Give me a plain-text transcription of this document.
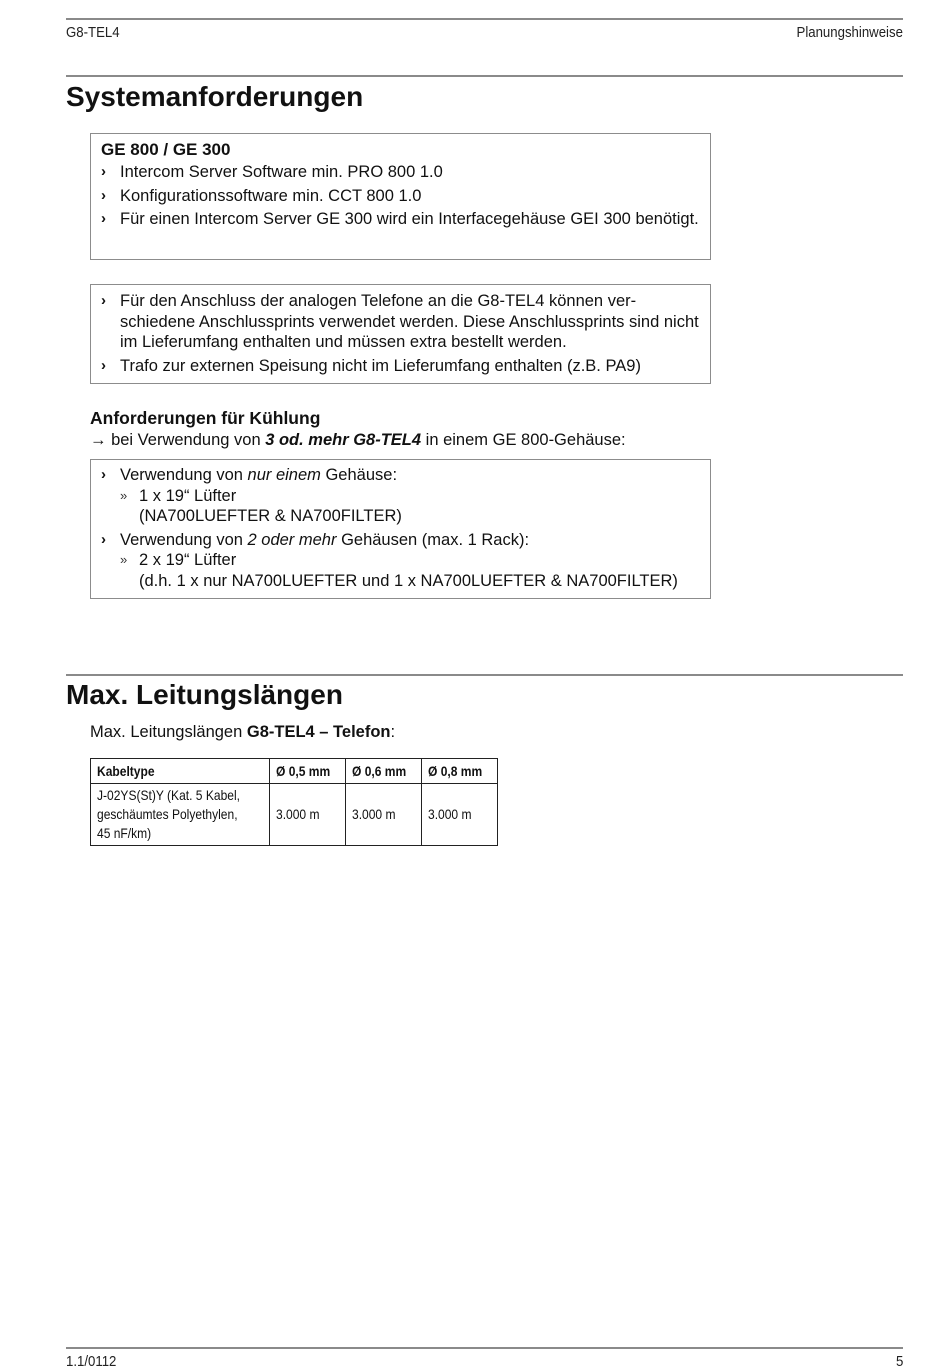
G8-TEL4	Planungshinweise
Systemanforderungen
GE 800 / GE 300
› Intercom Server Software min. PRO 800 1.0
› Konfigurationssoftware min. CCT 800 1.0
› Für einen Intercom Server GE 300 wird ein Interfacegehäuse GEI 300 benötigt.
› Für den Anschluss der analogen Telefone an die G8-TEL4 können ver-schiedene Anschlussprints verwendet werden. Diese Anschlussprints sind nicht im Lieferumfang enthalten und müssen extra bestellt werden.
› Trafo zur externen Speisung nicht im Lieferumfang enthalten (z.B. PA9)
Anforderungen für Kühlung
→ bei Verwendung von 3 od. mehr G8-TEL4 in einem GE 800-Gehäuse:
› Verwendung von nur einem Gehäuse:
» 1 x 19“ Lüfter
(NA700LUEFTER & NA700FILTER)
› Verwendung von 2 oder mehr Gehäusen (max. 1 Rack):
» 2 x 19“ Lüfter
(d.h. 1 x nur NA700LUEFTER und 1 x NA700LUEFTER & NA700FILTER)
Max. Leitungslängen
Max. Leitungslängen G8-TEL4 – Telefon:
Kabeltype	Ø 0,5 mm	Ø 0,6 mm	Ø 0,8 mm
J-02YS(St)Y (Kat. 5 Kabel,
geschäumtes Polyethylen,
45 nF/km)	3.000 m	3.000 m	3.000 m
1.1/0112	5
